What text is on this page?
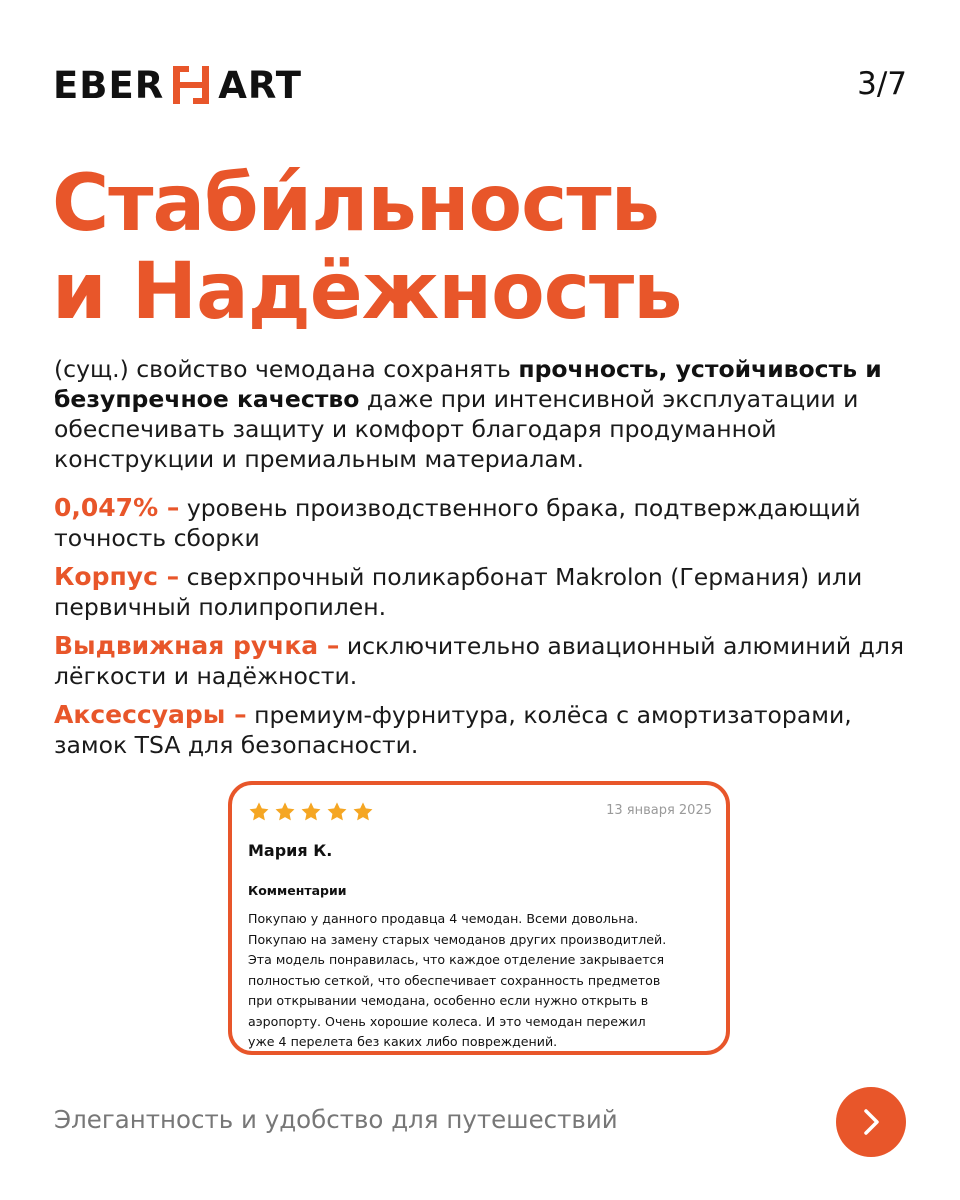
EBER ART	3/7
Стаби́льность
и Надёжность

(сущ.) свойство чемодана сохранять прочность, устойчивость и безупречное качество даже при интенсивной эксплуатации и обеспечивать защиту и комфорт благодаря продуманной конструкции и премиальным материалам.

0,047% – уровень производственного брака, подтверждающий точность сборки
Корпус – сверхпрочный поликарбонат Makrolon (Германия) или первичный полипропилен.
Выдвижная ручка – исключительно авиационный алюминий для лёгкости и надёжности.
Аксессуары – премиум-фурнитура, колёса с амортизаторами, замок TSA для безопасности.
13 января 2025
Мария К.
Комментарии
Покупаю у данного продавца 4 чемодан. Всеми довольна.
Покупаю на замену старых чемоданов других производитлей.
Эта модель понравилась, что каждое отделение закрывается
полностью сеткой, что обеспечивает сохранность предметов
при открывании чемодана, особенно если нужно открыть в
аэропорту. Очень хорошие колеса. И это чемодан пережил
уже 4 перелета без каких либо повреждений.
Элегантность и удобство для путешествий
